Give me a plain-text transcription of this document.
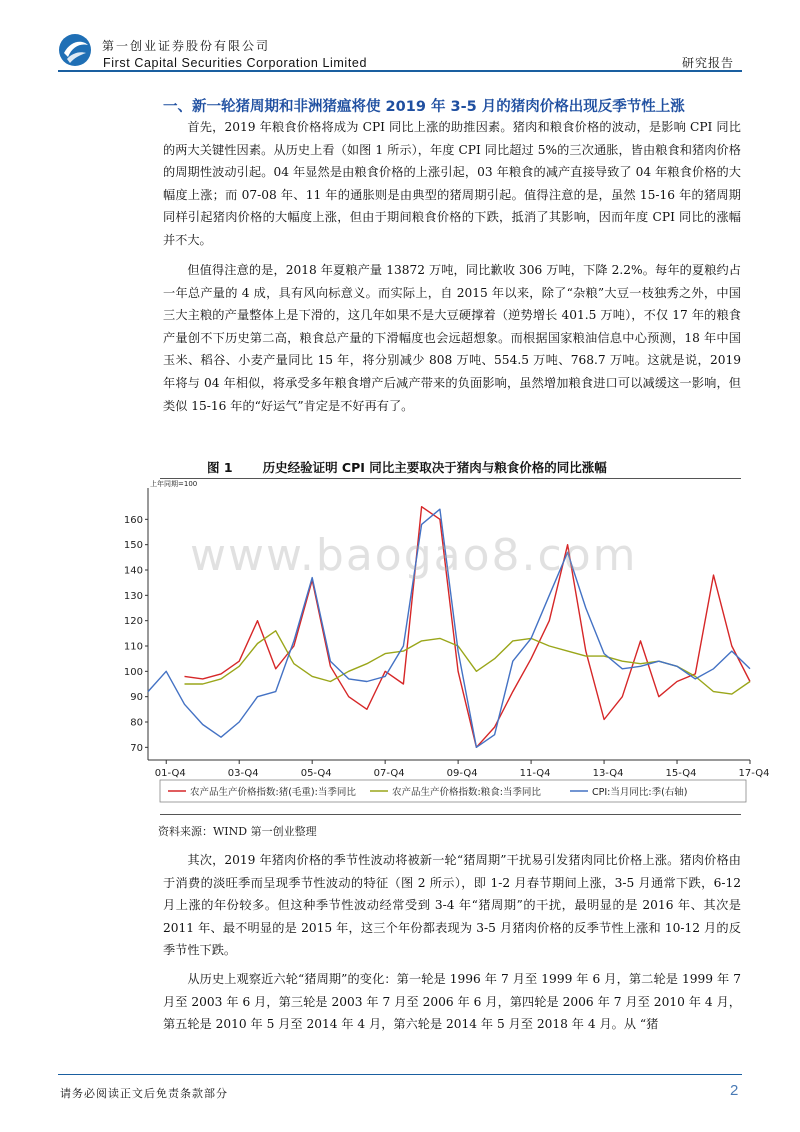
第一创业证券股份有限公司
First Capital Securities Corporation Limited	研究报告
一、新一轮猪周期和非洲猪瘟将使 2019 年 3-5 月的猪肉价格出现反季节性上涨

首先，2019 年粮食价格将成为 CPI 同比上涨的助推因素。猪肉和粮食价格的波动，是影响 CPI 同比的两大关键性因素。从历史上看（如图 1 所示），年度 CPI 同比超过 5%的三次通胀，皆由粮食和猪肉价格的周期性波动引起。04 年显然是由粮食价格的上涨引起，03 年粮食的减产直接导致了 04 年粮食价格的大幅度上涨；而 07-08 年、11 年的通胀则是由典型的猪周期引起。值得注意的是，虽然 15-16 年的猪周期同样引起猪肉价格的大幅度上涨，但由于期间粮食价格的下跌，抵消了其影响，因而年度 CPI 同比的涨幅并不大。

但值得注意的是，2018 年夏粮产量 13872 万吨，同比歉收 306 万吨，下降 2.2%。每年的夏粮约占一年总产量的 4 成，具有风向标意义。而实际上，自 2015 年以来，除了“杂粮”大豆一枝独秀之外，中国三大主粮的产量整体上是下滑的，这几年如果不是大豆硬撑着（逆势增长 401.5 万吨），不仅 17 年的粮食产量创不下历史第二高，粮食总产量的下滑幅度也会远超想象。而根据国家粮油信息中心预测，18 年中国玉米、稻谷、小麦产量同比 15 年，将分别减少 808 万吨、554.5 万吨、768.7 万吨。这就是说，2019 年将与 04 年相似，将承受多年粮食增产后减产带来的负面影响，虽然增加粮食进口可以减缓这一影响，但类似 15-16 年的“好运气”肯定是不好再有了。

图 1 历史经验证明 CPI 同比主要取决于猪肉与粮食价格的同比涨幅
上年同期=100
70
80
90
100
110
120
130
140
150
160
01-Q4	03-Q4	05-Q4	07-Q4	09-Q4	11-Q4	13-Q4	15-Q4	17-Q4
农产品生产价格指数:猪(毛重):当季同比	农产品生产价格指数:粮食:当季同比	CPI:当月同比:季(右轴)
www.baogao8.com
资料来源：WIND 第一创业整理

其次，2019 年猪肉价格的季节性波动将被新一轮“猪周期”干扰易引发猪肉同比价格上涨。猪肉价格由于消费的淡旺季而呈现季节性波动的特征（图 2 所示），即 1-2 月春节期间上涨，3-5 月通常下跌，6-12 月上涨的年份较多。但这种季节性波动经常受到 3-4 年“猪周期”的干扰，最明显的是 2016 年、其次是 2011 年、最不明显的是 2015 年，这三个年份都表现为 3-5 月猪肉价格的反季节性上涨和 10-12 月的反季节性下跌。

从历史上观察近六轮“猪周期”的变化：第一轮是 1996 年 7 月至 1999 年 6 月，第二轮是 1999 年 7 月至 2003 年 6 月，第三轮是 2003 年 7 月至 2006 年 6 月，第四轮是 2006 年 7 月至 2010 年 4 月，第五轮是 2010 年 5 月至 2014 年 4 月，第六轮是 2014 年 5 月至 2018 年 4 月。从 “猪

请务必阅读正文后免责条款部分	2
